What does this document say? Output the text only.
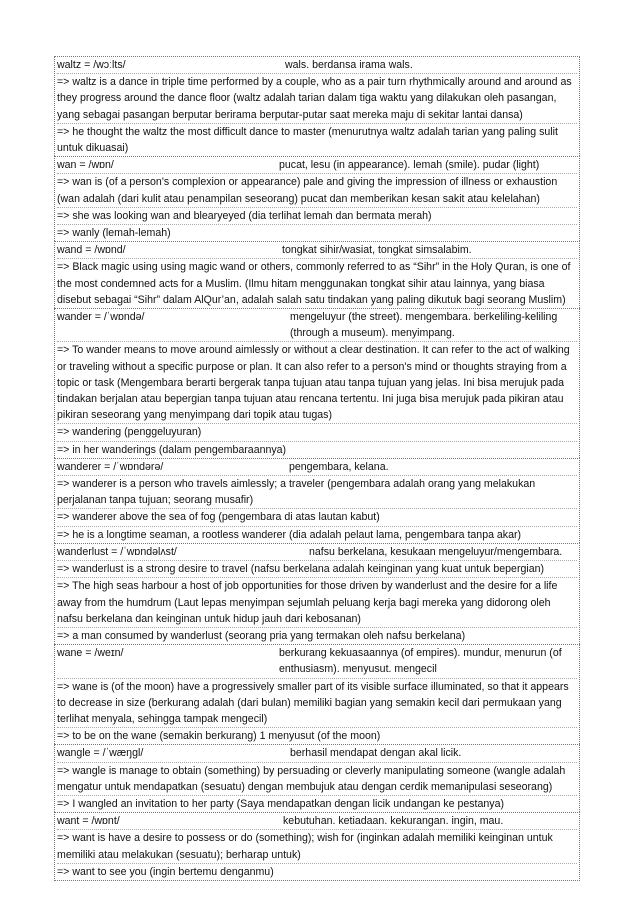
waltz = /wɔːlts/	wals. berdansa irama wals.
=> waltz is a dance in triple time performed by a couple, who as a pair turn rhythmically around and around as they progress around the dance floor (waltz adalah tarian dalam tiga waktu yang dilakukan oleh pasangan, yang sebagai pasangan berputar berirama berputar-putar saat mereka maju di sekitar lantai dansa)
=> he thought the waltz the most difficult dance to master (menurutnya waltz adalah tarian yang paling sulit untuk dikuasai)
wan = /wɒn/	pucat, lesu (in appearance). lemah (smile). pudar (light)
=> wan is (of a person's complexion or appearance) pale and giving the impression of illness or exhaustion (wan adalah (dari kulit atau penampilan seseorang) pucat dan memberikan kesan sakit atau kelelahan)
=> she was looking wan and blearyeyed (dia terlihat lemah dan bermata merah)
=> wanly (lemah-lemah)
wand = /wɒnd/	tongkat sihir/wasiat, tongkat simsalabim.
=> Black magic using using magic wand or others, commonly referred to as “Sihr” in the Holy Quran, is one of the most condemned acts for a Muslim. (Ilmu hitam menggunakan tongkat sihir atau lainnya, yang biasa disebut sebagai “Sihr” dalam AlQur’an, adalah salah satu tindakan yang paling dikutuk bagi seorang Muslim)
wander = /ˈwɒndə/	mengeluyur (the street). mengembara. berkeliling-keliling (through a museum). menyimpang.
=> To wander means to move around aimlessly or without a clear destination. It can refer to the act of walking or traveling without a specific purpose or plan. It can also refer to a person's mind or thoughts straying from a topic or task (Mengembara berarti bergerak tanpa tujuan atau tanpa tujuan yang jelas. Ini bisa merujuk pada tindakan berjalan atau bepergian tanpa tujuan atau rencana tertentu. Ini juga bisa merujuk pada pikiran atau pikiran seseorang yang menyimpang dari topik atau tugas)
=> wandering (penggeluyuran)
=> in her wanderings (dalam pengembaraannya)
wanderer = /ˈwɒndərə/	pengembara, kelana.
=> wanderer is a person who travels aimlessly; a traveler (pengembara adalah orang yang melakukan perjalanan tanpa tujuan; seorang musafir)
=> wanderer above the sea of fog (pengembara di atas lautan kabut)
=> he is a longtime seaman, a rootless wanderer (dia adalah pelaut lama, pengembara tanpa akar)
wanderlust = /ˈwɒndəlʌst/	nafsu berkelana, kesukaan mengeluyur/mengembara.
=> wanderlust is a strong desire to travel (nafsu berkelana adalah keinginan yang kuat untuk bepergian)
=> The high seas harbour a host of job opportunities for those driven by wanderlust and the desire for a life away from the humdrum (Laut lepas menyimpan sejumlah peluang kerja bagi mereka yang didorong oleh nafsu berkelana dan keinginan untuk hidup jauh dari kebosanan)
=> a man consumed by wanderlust (seorang pria yang termakan oleh nafsu berkelana)
wane = /weɪn/	berkurang kekuasaannya (of empires). mundur, menurun (of enthusiasm). menyusut. mengecil
=> wane is (of the moon) have a progressively smaller part of its visible surface illuminated, so that it appears to decrease in size (berkurang adalah (dari bulan) memiliki bagian yang semakin kecil dari permukaan yang terlihat menyala, sehingga tampak mengecil)
=> to be on the wane (semakin berkurang) 1 menyusut (of the moon)
wangle = /ˈwæŋɡl/	berhasil mendapat dengan akal licik.
=> wangle is manage to obtain (something) by persuading or cleverly manipulating someone (wangle adalah mengatur untuk mendapatkan (sesuatu) dengan membujuk atau dengan cerdik memanipulasi seseorang)
=> I wangled an invitation to her party (Saya mendapatkan dengan licik undangan ke pestanya)
want = /wɒnt/	kebutuhan. ketiadaan. kekurangan. ingin, mau.
=> want is have a desire to possess or do (something); wish for (inginkan adalah memiliki keinginan untuk memiliki atau melakukan (sesuatu); berharap untuk)
=> want to see you (ingin bertemu denganmu)
